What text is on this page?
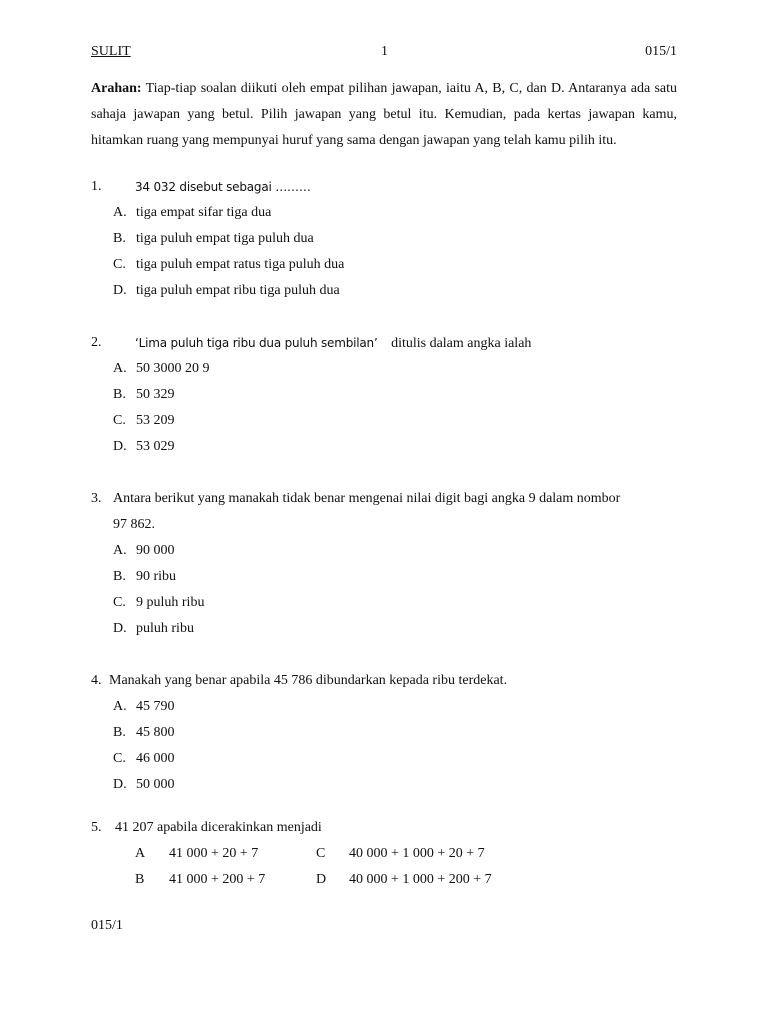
SULIT	1	015/1
Arahan: Tiap-tiap soalan diikuti oleh empat pilihan jawapan, iaitu A, B, C, dan D. Antaranya ada satu sahaja jawapan yang betul. Pilih jawapan yang betul itu. Kemudian, pada kertas jawapan kamu, hitamkan ruang yang mempunyai huruf yang sama dengan jawapan yang telah kamu pilih itu.
1.	34 032 disebut sebagai ………
A. tiga empat sifar tiga dua
B. tiga puluh empat tiga puluh dua
C. tiga puluh empat ratus tiga puluh dua
D. tiga puluh empat ribu tiga puluh dua
2.	‘Lima puluh tiga ribu dua puluh sembilan’ ditulis dalam angka ialah
A. 50 3000 20 9
B. 50 329
C. 53 209
D. 53 029
3. Antara berikut yang manakah tidak benar mengenai nilai digit bagi angka 9 dalam nombor
97 862.
A. 90 000
B. 90 ribu
C. 9 puluh ribu
D. puluh ribu
4. Manakah yang benar apabila 45 786 dibundarkan kepada ribu terdekat.
A. 45 790
B. 45 800
C. 46 000
D. 50 000
5. 41 207 apabila dicerakinkan menjadi
A 41 000 + 20 + 7	C 40 000 + 1 000 + 20 + 7
B 41 000 + 200 + 7	D 40 000 + 1 000 + 200 + 7
015/1
